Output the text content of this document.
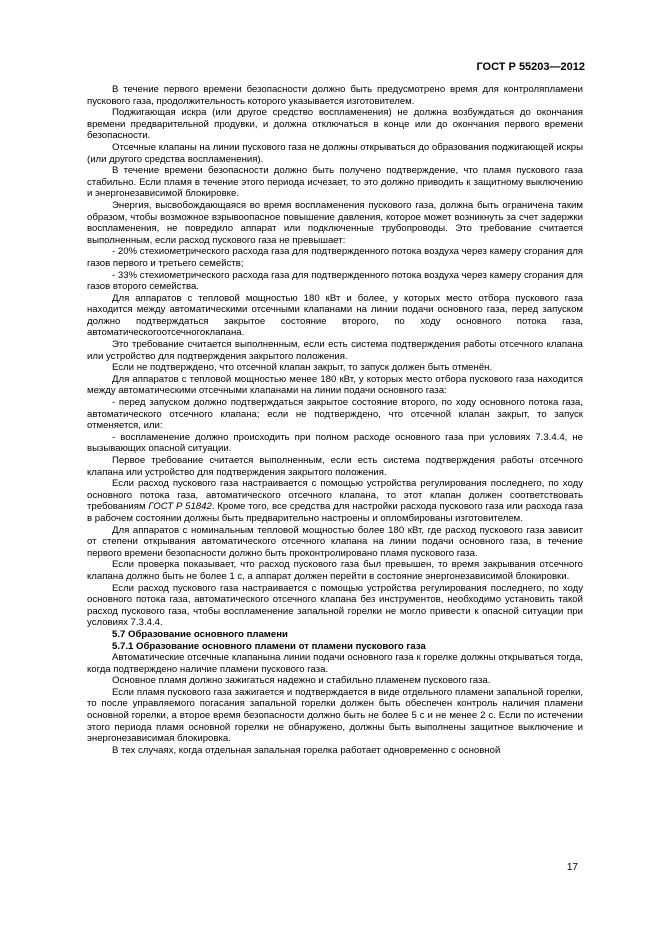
ГОСТ Р 55203—2012

В течение первого времени безопасности должно быть предусмотрено время для контроляпламени пускового газа, продолжительность которого указывается изготовителем.

Поджигающая искра (или другое средство воспламенения) не должна возбуждаться до окончания времени предварительной продувки, и должна отключаться в конце или до окончания первого времени безопасности.

Отсечные клапаны на линии пускового газа не должны открываться до образования поджигающей искры (или другого средства воспламенения).

В течение времени безопасности должно быть получено подтверждение, что пламя пускового газа стабильно. Если пламя в течение этого периода исчезает, то это должно приводить к защитному выключению и энергонезависимой блокировке.

Энергия, высвобождающаяся во время воспламенения пускового газа, должна быть ограничена таким образом, чтобы возможное взрывоопасное повышение давления, которое может возникнуть за счет задержки воспламенения, не повредило аппарат или подключенные трубопроводы. Это требование считается выполненным, если расход пускового газа не превышает:

- 20% стехиометрического расхода газа для подтвержденного потока воздуха через камеру сгорания для газов первого и третьего семейств;

- 33% стехиометрического расхода газа для подтвержденного потока воздуха через камеру сгорания для газов второго семейства.

Для аппаратов с тепловой мощностью 180 кВт и более, у которых место отбора пускового газа находится между автоматическими отсечными клапанами на линии подачи основного газа, перед запуском должно подтверждаться закрытое состояние второго, по ходу основного потока газа, автоматическогоотсечногоклапана.

Это требование считается выполненным, если есть система подтверждения работы отсечного клапана или устройство для подтверждения закрытого положения.

Если не подтверждено, что отсечной клапан закрыт, то запуск должен быть отменён.

Для аппаратов с тепловой мощностью менее 180 кВт, у которых место отбора пускового газа находится между автоматическими отсечными клапанами на линии подачи основного газа:

- перед запуском должно подтверждаться закрытое состояние второго, по ходу основного потока газа, автоматического отсечного клапана; если не подтверждено, что отсечной клапан закрыт, то запуск отменяется, или:

- воспламенение должно происходить при полном расходе основного газа при условиях 7.3.4.4, не вызывающих опасной ситуации.

Первое требование считается выполненным, если есть система подтверждения работы отсечного клапана или устройство для подтверждения закрытого положения.

Если расход пускового газа настраивается с помощью устройства регулирования последнего, по ходу основного потока газа, автоматического отсечного клапана, то этот клапан должен соответствовать требованиям ГОСТ Р 51842. Кроме того, все средства для настройки расхода пускового газа или расхода газа в рабочем состоянии должны быть предварительно настроены и опломбированы изготовителем.

Для аппаратов с номинальным тепловой мощностью более 180 кВт, где расход пускового газа зависит от степени открывания автоматического отсечного клапана на линии подачи основного газа, в течение первого времени безопасности должно быть проконтролировано пламя пускового газа.

Если проверка показывает, что расход пускового газа был превышен, то время закрывания отсечного клапана должно быть не более 1 с, а аппарат должен перейти в состояние энергонезависимой блокировки.

Если расход пускового газа настраивается с помощью устройства регулирования последнего, по ходу основного потока газа, автоматического отсечного клапана без инструментов, необходимо установить такой расход пускового газа, чтобы воспламенение запальной горелки не могло привести к опасной ситуации при условиях 7.3.4.4.

5.7 Образование основного пламени

5.7.1 Образование основного пламени от пламени пускового газа

Автоматические отсечные клапанына линии подачи основного газа к горелке должны открываться тогда, когда подтверждено наличие пламени пускового газа.

Основное пламя должно зажигаться надежно и стабильно пламенем пускового газа.

Если пламя пускового газа зажигается и подтверждается в виде отдельного пламени запальной горелки, то после управляемого погасания запальной горелки должен быть обеспечен контроль наличия пламени основной горелки, а второе время безопасности должно быть не более 5 с и не менее 2 с. Если по истечении этого периода пламя основной горелки не обнаружено, должны быть выполнены защитное выключение и энергонезависимая блокировка.

В тех случаях, когда отдельная запальная горелка работает одновременно с основной

17
